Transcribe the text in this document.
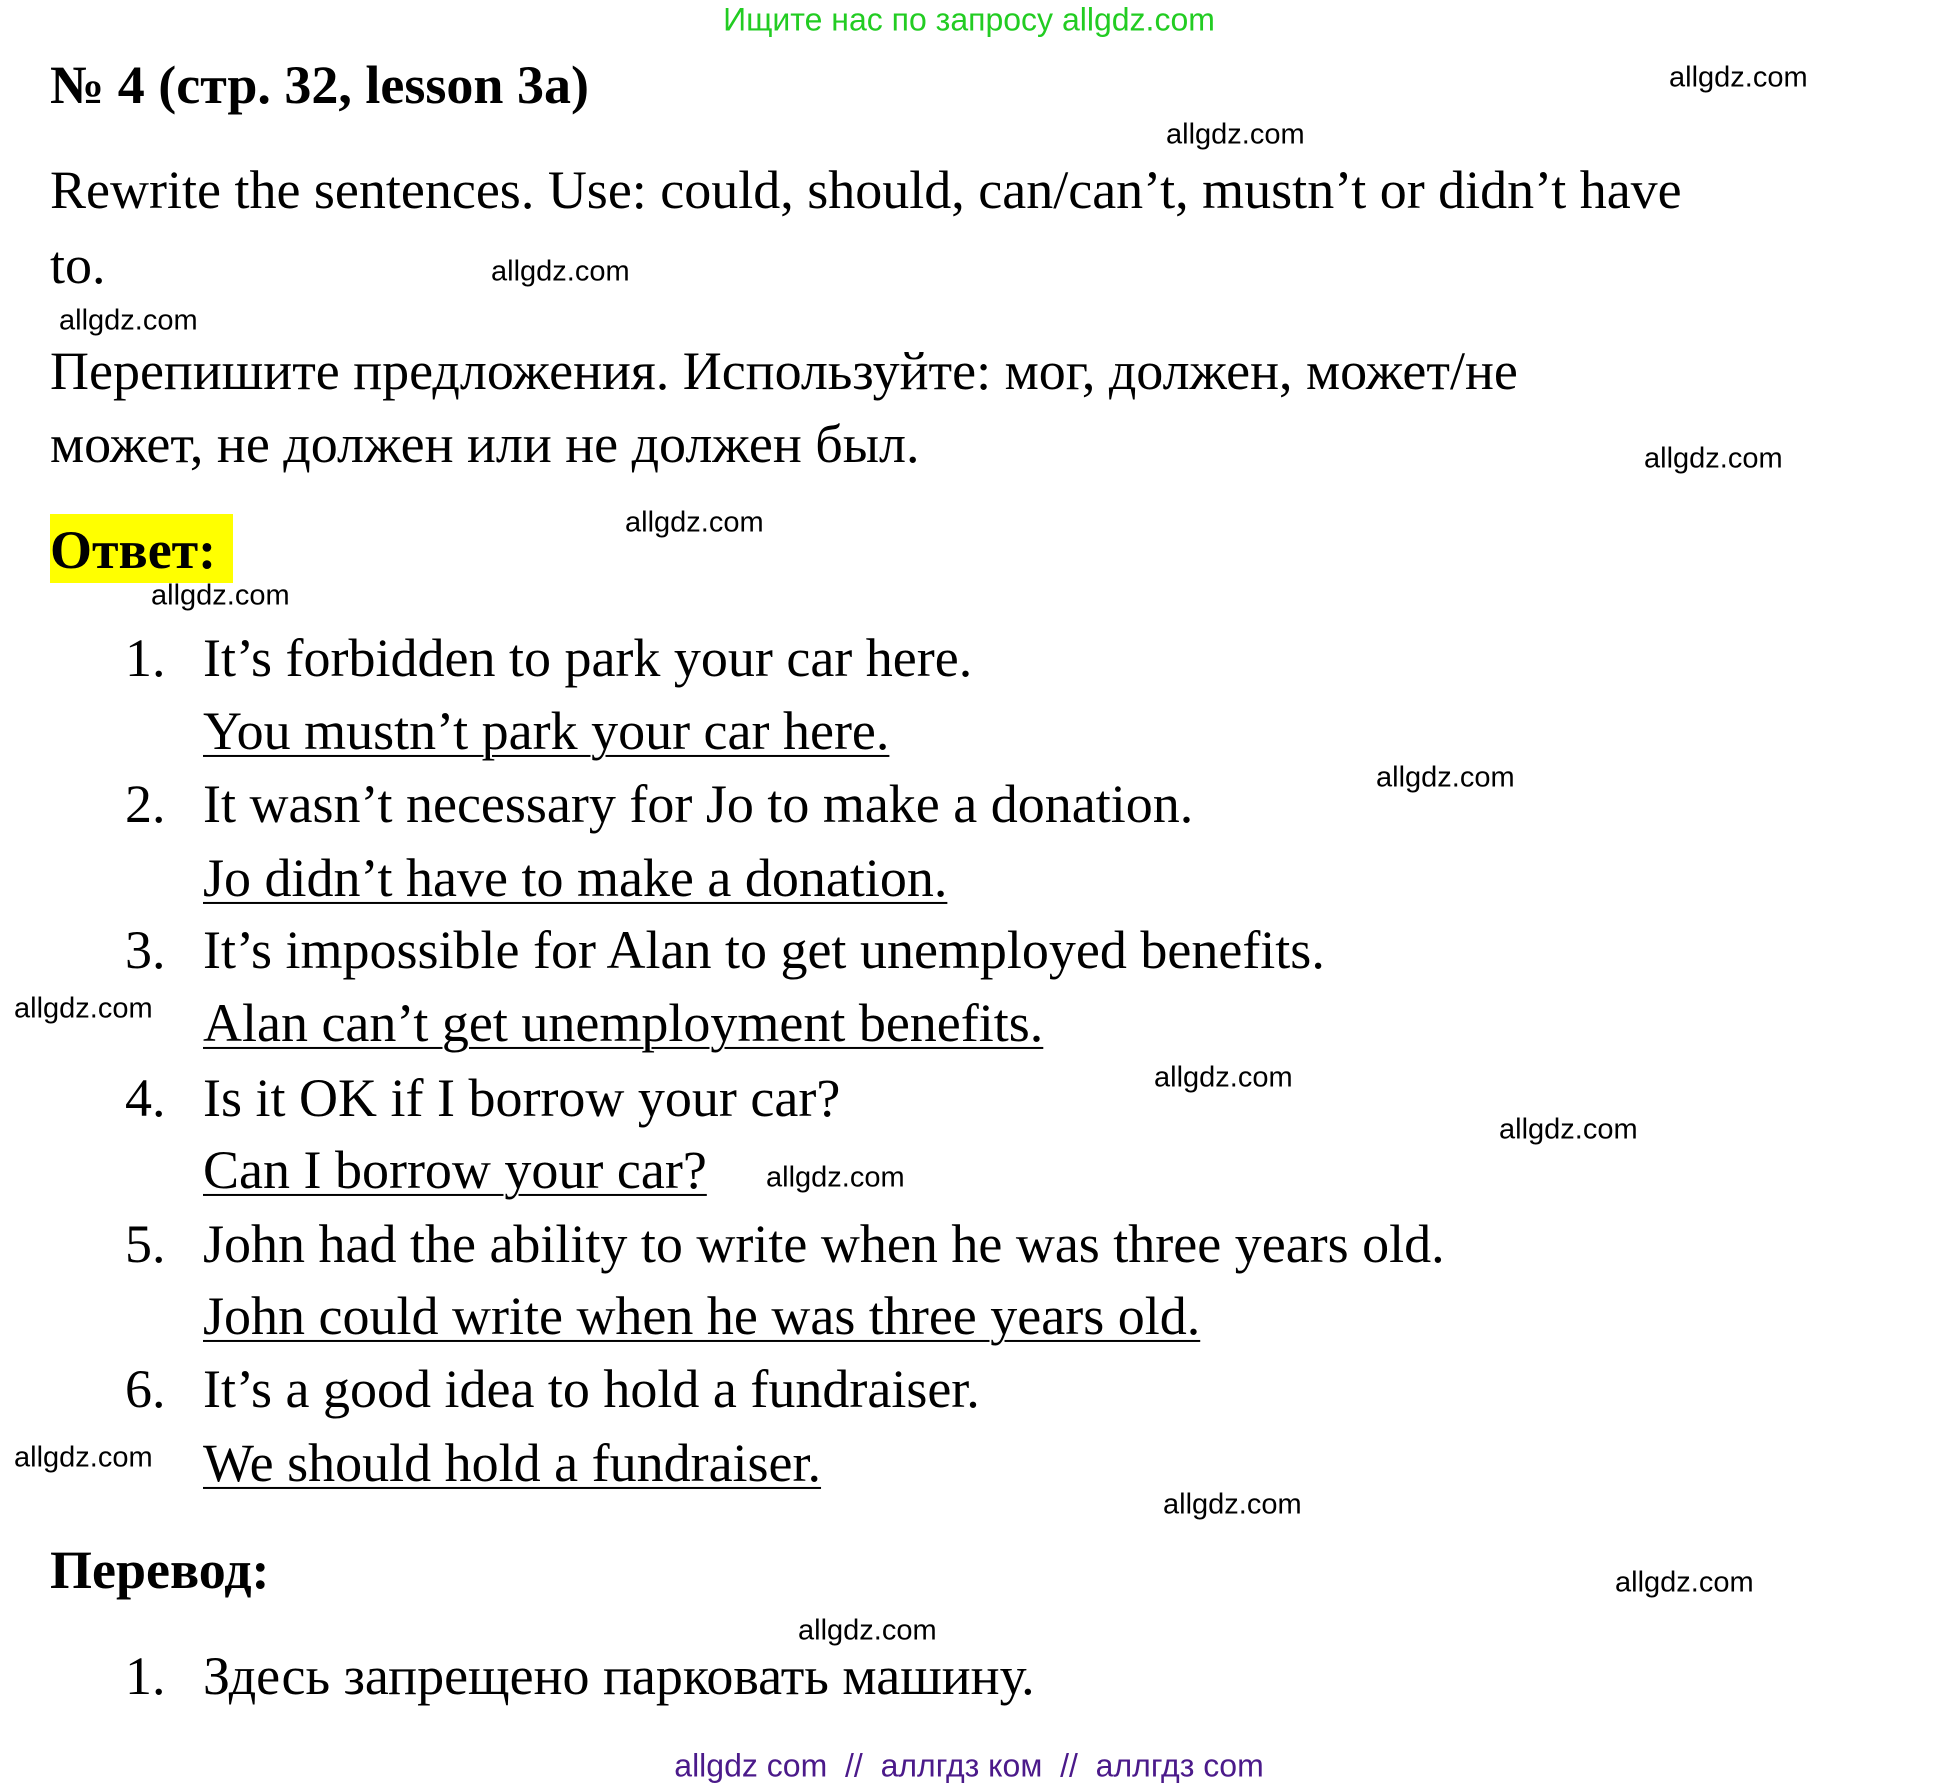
Ищите нас по запросу allgdz.com
№ 4 (стр. 32, lesson 3a)
Rewrite the sentences. Use: could, should, can/can’t, mustn’t or didn’t have
to.
Перепишите предложения. Используйте: мог, должен, может/не
может, не должен или не должен был.
Ответ:
1. It’s forbidden to park your car here.
You mustn’t park your car here.
2. It wasn’t necessary for Jo to make a donation.
Jo didn’t have to make a donation.
3. It’s impossible for Alan to get unemployed benefits.
Alan can’t get unemployment benefits.
4. Is it OK if I borrow your car?
Can I borrow your car?
5. John had the ability to write when he was three years old.
John could write when he was three years old.
6. It’s a good idea to hold a fundraiser.
We should hold a fundraiser.
Перевод:
1. Здесь запрещено парковать машину.
allgdz.com
allgdz.com
allgdz.com
allgdz.com
allgdz.com
allgdz.com
allgdz.com
allgdz.com
allgdz.com
allgdz.com
allgdz.com
allgdz.com
allgdz.com
allgdz.com
allgdz.com
allgdz.com
allgdz com  //  аллгдз ком  //  аллгдз com
